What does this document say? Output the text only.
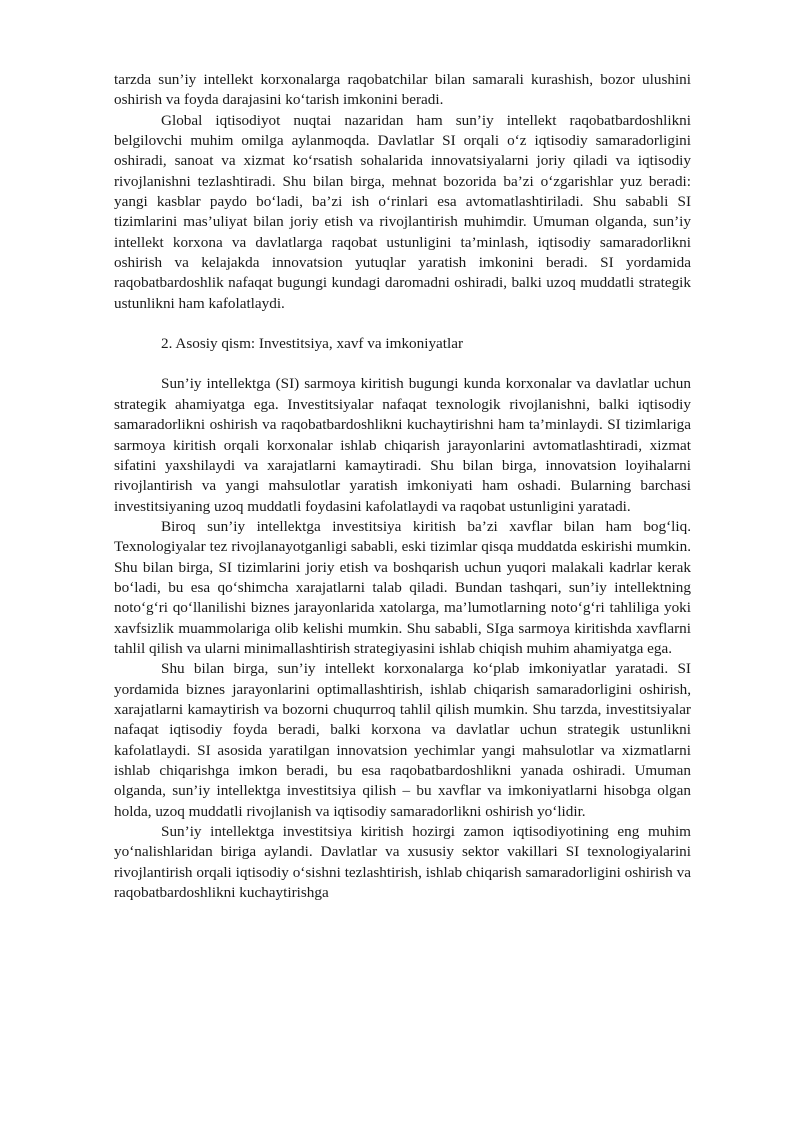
tarzda sun’iy intellekt korxonalarga raqobatchilar bilan samarali kurashish, bozor ulushini oshirish va foyda darajasini ko‘tarish imkonini beradi.

Global iqtisodiyot nuqtai nazaridan ham sun’iy intellekt raqobatbardoshlikni belgilovchi muhim omilga aylanmoqda. Davlatlar SI orqali o‘z iqtisodiy samaradorligini oshiradi, sanoat va xizmat ko‘rsatish sohalarida innovatsiyalarni joriy qiladi va iqtisodiy rivojlanishni tezlashtiradi. Shu bilan birga, mehnat bozorida ba’zi o‘zgarishlar yuz beradi: yangi kasblar paydo bo‘ladi, ba’zi ish o‘rinlari esa avtomatlashtiriladi. Shu sababli SI tizimlarini mas’uliyat bilan joriy etish va rivojlantirish muhimdir. Umuman olganda, sun’iy intellekt korxona va davlatlarga raqobat ustunligini ta’minlash, iqtisodiy samaradorlikni oshirish va kelajakda innovatsion yutuqlar yaratish imkonini beradi. SI yordamida raqobatbardoshlik nafaqat bugungi kundagi daromadni oshiradi, balki uzoq muddatli strategik ustunlikni ham kafolatlaydi.

2. Asosiy qism: Investitsiya, xavf va imkoniyatlar

Sun’iy intellektga (SI) sarmoya kiritish bugungi kunda korxonalar va davlatlar uchun strategik ahamiyatga ega. Investitsiyalar nafaqat texnologik rivojlanishni, balki iqtisodiy samaradorlikni oshirish va raqobatbardoshlikni kuchaytirishni ham ta’minlaydi. SI tizimlariga sarmoya kiritish orqali korxonalar ishlab chiqarish jarayonlarini avtomatlashtiradi, xizmat sifatini yaxshilaydi va xarajatlarni kamaytiradi. Shu bilan birga, innovatsion loyihalarni rivojlantirish va yangi mahsulotlar yaratish imkoniyati ham oshadi. Bularning barchasi investitsiyaning uzoq muddatli foydasini kafolatlaydi va raqobat ustunligini yaratadi.

Biroq sun’iy intellektga investitsiya kiritish ba’zi xavflar bilan ham bog‘liq. Texnologiyalar tez rivojlanayotganligi sababli, eski tizimlar qisqa muddatda eskirishi mumkin. Shu bilan birga, SI tizimlarini joriy etish va boshqarish uchun yuqori malakali kadrlar kerak bo‘ladi, bu esa qo‘shimcha xarajatlarni talab qiladi. Bundan tashqari, sun’iy intellektning noto‘g‘ri qo‘llanilishi biznes jarayonlarida xatolarga, ma’lumotlarning noto‘g‘ri tahliliga yoki xavfsizlik muammolariga olib kelishi mumkin. Shu sababli, SIga sarmoya kiritishda xavflarni tahlil qilish va ularni minimallashtirish strategiyasini ishlab chiqish muhim ahamiyatga ega.

Shu bilan birga, sun’iy intellekt korxonalarga ko‘plab imkoniyatlar yaratadi. SI yordamida biznes jarayonlarini optimallashtirish, ishlab chiqarish samaradorligini oshirish, xarajatlarni kamaytirish va bozorni chuqurroq tahlil qilish mumkin. Shu tarzda, investitsiyalar nafaqat iqtisodiy foyda beradi, balki korxona va davlatlar uchun strategik ustunlikni kafolatlaydi. SI asosida yaratilgan innovatsion yechimlar yangi mahsulotlar va xizmatlarni ishlab chiqarishga imkon beradi, bu esa raqobatbardoshlikni yanada oshiradi. Umuman olganda, sun’iy intellektga investitsiya qilish – bu xavflar va imkoniyatlarni hisobga olgan holda, uzoq muddatli rivojlanish va iqtisodiy samaradorlikni oshirish yo‘lidir.

Sun’iy intellektga investitsiya kiritish hozirgi zamon iqtisodiyotining eng muhim yo‘nalishlaridan biriga aylandi. Davlatlar va xususiy sektor vakillari SI texnologiyalarini rivojlantirish orqali iqtisodiy o‘sishni tezlashtirish, ishlab chiqarish samaradorligini oshirish va raqobatbardoshlikni kuchaytirishga
